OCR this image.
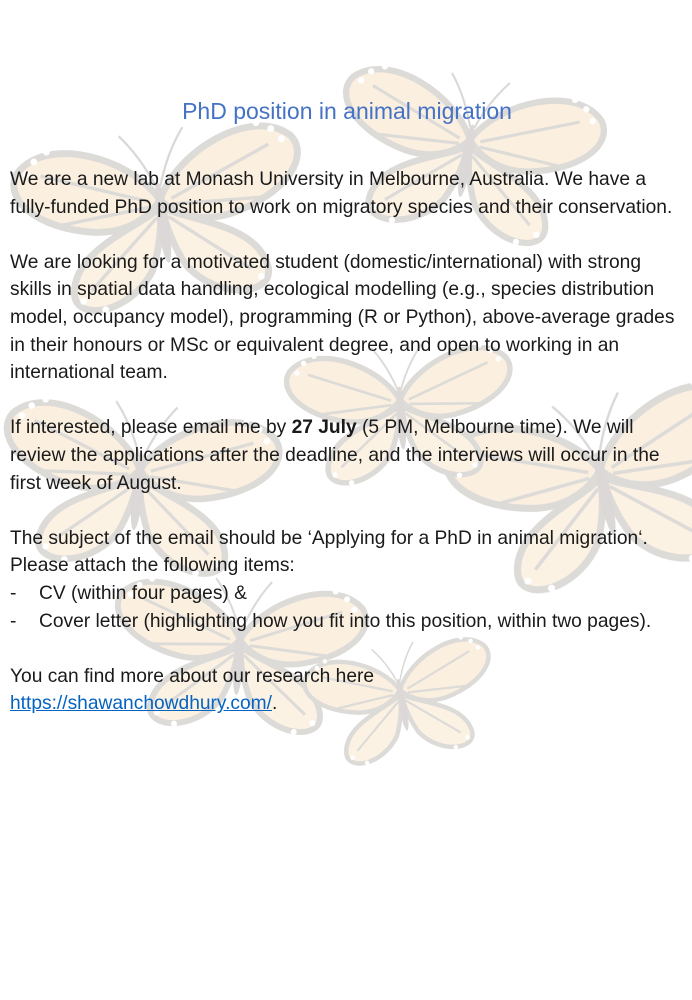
PhD position in animal migration

We are a new lab at Monash University in Melbourne, Australia. We have a fully-funded PhD position to work on migratory species and their conservation.

We are looking for a motivated student (domestic/international) with strong skills in spatial data handling, ecological modelling (e.g., species distribution model, occupancy model), programming (R or Python), above-average grades in their honours or MSc or equivalent degree, and open to working in an international team.

If interested, please email me by 27 July (5 PM, Melbourne time). We will review the applications after the deadline, and the interviews will occur in the first week of August.

The subject of the email should be ‘Applying for a PhD in animal migration‘. Please attach the following items:

- CV (within four pages) &
- Cover letter (highlighting how you fit into this position, within two pages).

You can find more about our research here
https://shawanchowdhury.com/.
